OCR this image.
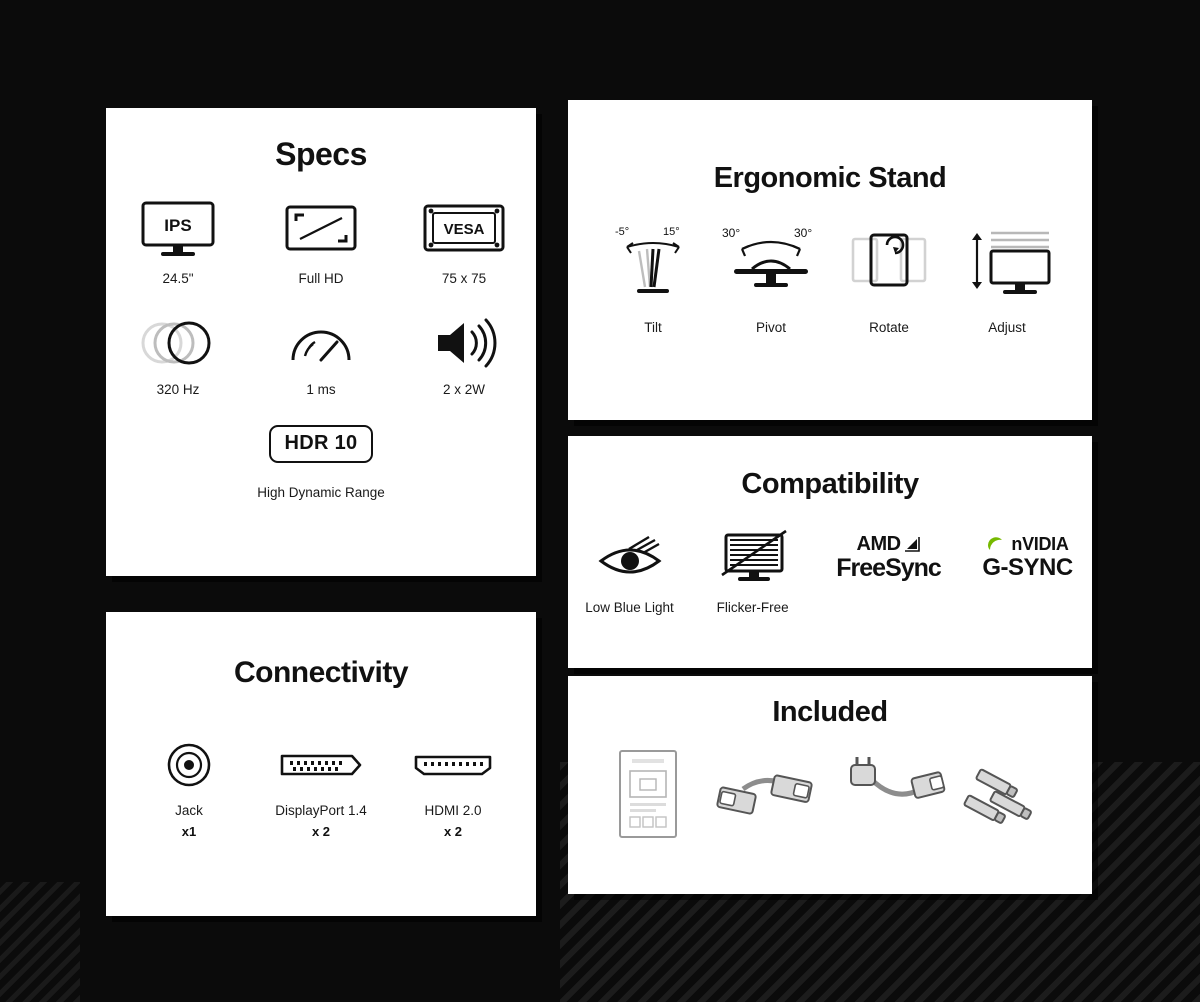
Specs
IPS
24.5"	Full HD
VESA
75 x 75
320 Hz	1 ms	2 x 2W
HDR 10
High Dynamic Range
Connectivity
Jack
x1
DisplayPort 1.4
x 2
HDMI 2.0
x 2
Ergonomic Stand
-5°	15°
Tilt
30°	30°
Pivot	Rotate	Adjust
Compatibility
Low Blue Light	Flicker-Free
AMD
FreeSync
nVIDIA
G-SYNC
Included
